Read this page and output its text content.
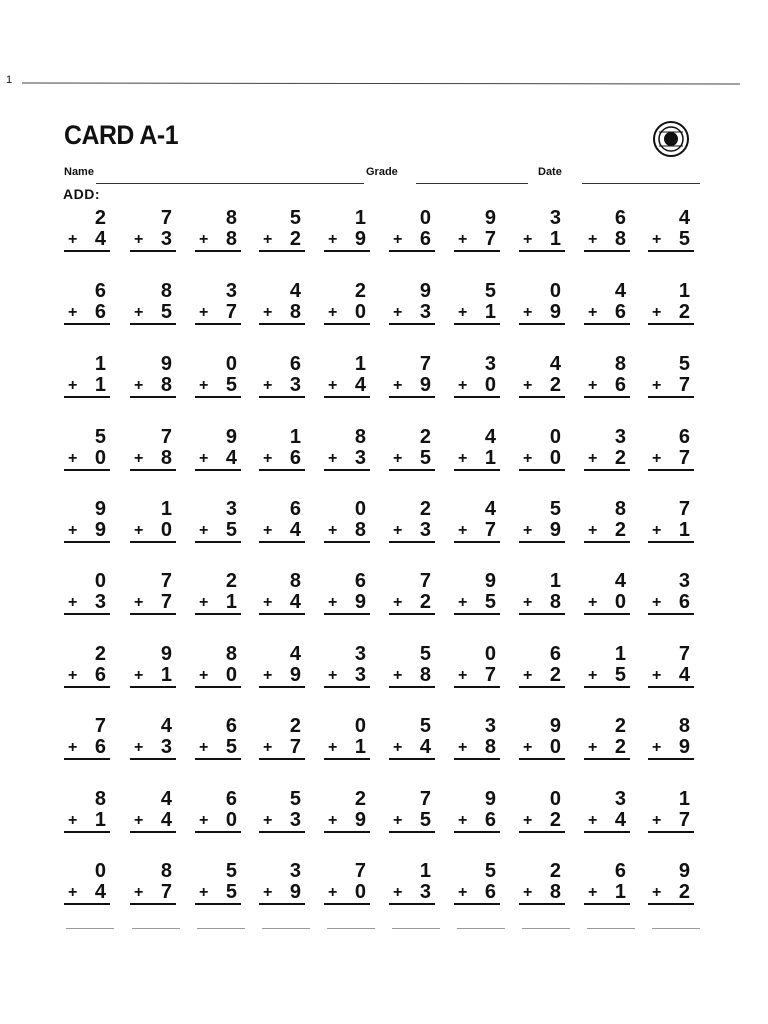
1
CARD A-1
Name	Grade	Date
ADD:
2
+ 4
7
+ 3
8
+ 8
5
+ 2
1
+ 9
0
+ 6
9
+ 7
3
+ 1
6
+ 8
4
+ 5
6
+ 6
8
+ 5
3
+ 7
4
+ 8
2
+ 0
9
+ 3
5
+ 1
0
+ 9
4
+ 6
1
+ 2
1
+ 1
9
+ 8
0
+ 5
6
+ 3
1
+ 4
7
+ 9
3
+ 0
4
+ 2
8
+ 6
5
+ 7
5
+ 0
7
+ 8
9
+ 4
1
+ 6
8
+ 3
2
+ 5
4
+ 1
0
+ 0
3
+ 2
6
+ 7
9
+ 9
1
+ 0
3
+ 5
6
+ 4
0
+ 8
2
+ 3
4
+ 7
5
+ 9
8
+ 2
7
+ 1
0
+ 3
7
+ 7
2
+ 1
8
+ 4
6
+ 9
7
+ 2
9
+ 5
1
+ 8
4
+ 0
3
+ 6
2
+ 6
9
+ 1
8
+ 0
4
+ 9
3
+ 3
5
+ 8
0
+ 7
6
+ 2
1
+ 5
7
+ 4
7
+ 6
4
+ 3
6
+ 5
2
+ 7
0
+ 1
5
+ 4
3
+ 8
9
+ 0
2
+ 2
8
+ 9
8
+ 1
4
+ 4
6
+ 0
5
+ 3
2
+ 9
7
+ 5
9
+ 6
0
+ 2
3
+ 4
1
+ 7
0
+ 4
8
+ 7
5
+ 5
3
+ 9
7
+ 0
1
+ 3
5
+ 6
2
+ 8
6
+ 1
9
+ 2
